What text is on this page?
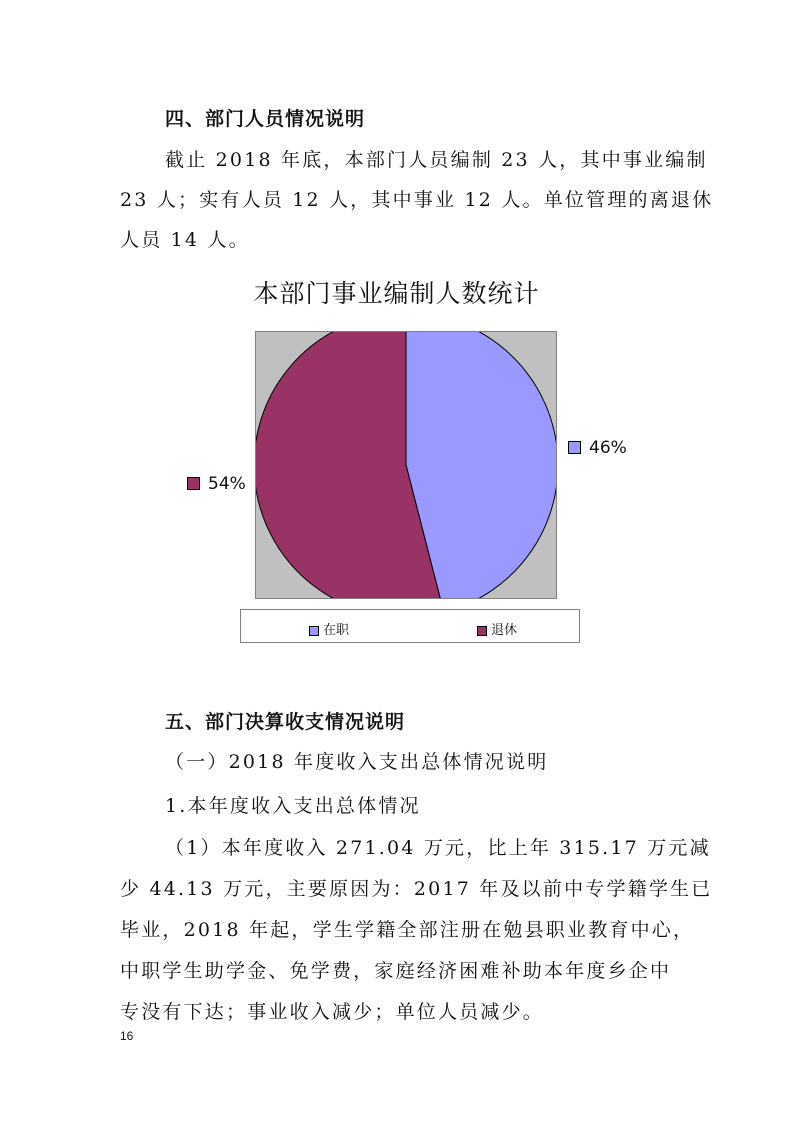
四、部门人员情况说明
截止 2018 年底，本部门人员编制 23 人，其中事业编制
23 人；实有人员 12 人，其中事业 12 人。单位管理的离退休
人员 14 人。
本部门事业编制人数统计
46%
54%
在职	退休
五、部门决算收支情况说明
（一）2018 年度收入支出总体情况说明
1.本年度收入支出总体情况
（1）本年度收入 271.04 万元，比上年 315.17 万元减
少 44.13 万元，主要原因为：2017 年及以前中专学籍学生已
毕业，2018 年起，学生学籍全部注册在勉县职业教育中心，
中职学生助学金、免学费，家庭经济困难补助本年度乡企中
专没有下达；事业收入减少；单位人员减少。
16
